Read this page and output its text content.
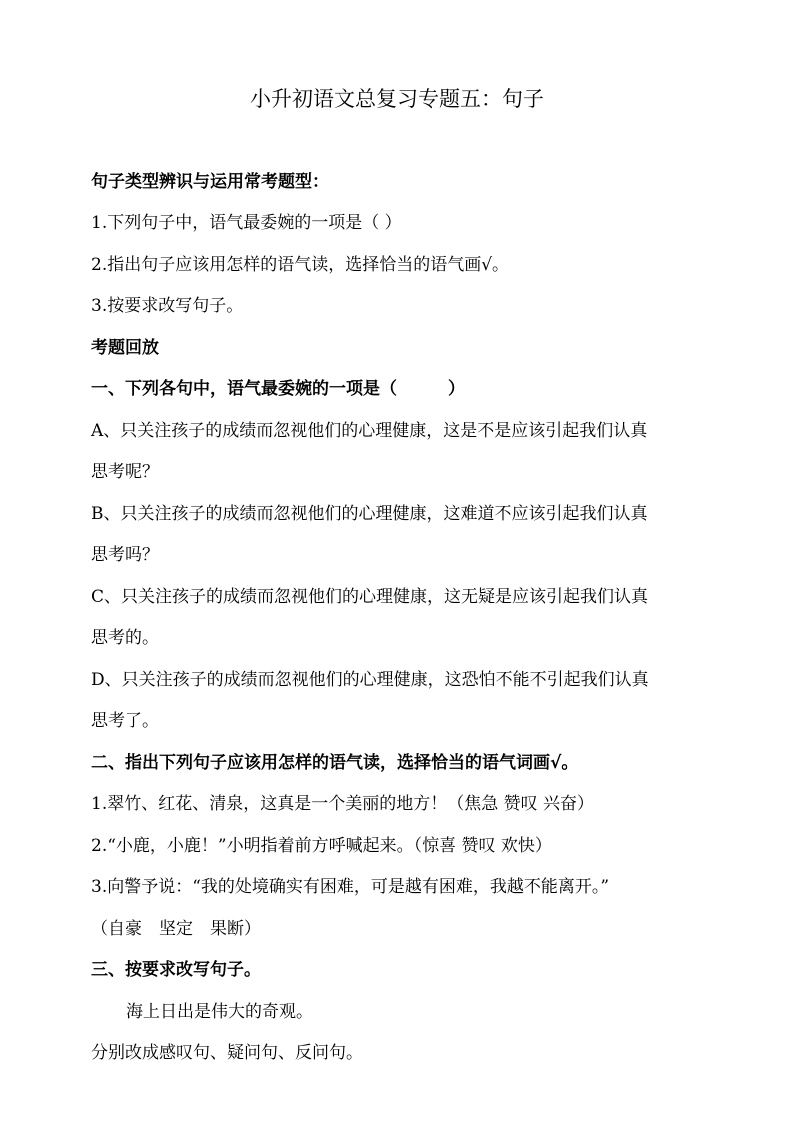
小升初语文总复习专题五：句子
句子类型辨识与运用常考题型：
1.下列句子中，语气最委婉的一项是（ ）
2.指出句子应该用怎样的语气读，选择恰当的语气画√。
3.按要求改写句子。
考题回放
一、下列各句中，语气最委婉的一项是（　　　）
A、只关注孩子的成绩而忽视他们的心理健康，这是不是应该引起我们认真
思考呢？
B、只关注孩子的成绩而忽视他们的心理健康，这难道不应该引起我们认真
思考吗？
C、只关注孩子的成绩而忽视他们的心理健康，这无疑是应该引起我们认真
思考的。
D、只关注孩子的成绩而忽视他们的心理健康，这恐怕不能不引起我们认真
思考了。
二、指出下列句子应该用怎样的语气读，选择恰当的语气词画√。
1.翠竹、红花、清泉，这真是一个美丽的地方！（焦急 赞叹 兴奋）
2.“小鹿，小鹿！”小明指着前方呼喊起来。（惊喜 赞叹 欢快）
3.向警予说：“我的处境确实有困难，可是越有困难，我越不能离开。”
（自豪　坚定　果断）
三、按要求改写句子。
海上日出是伟大的奇观。
分别改成感叹句、疑问句、反问句。
